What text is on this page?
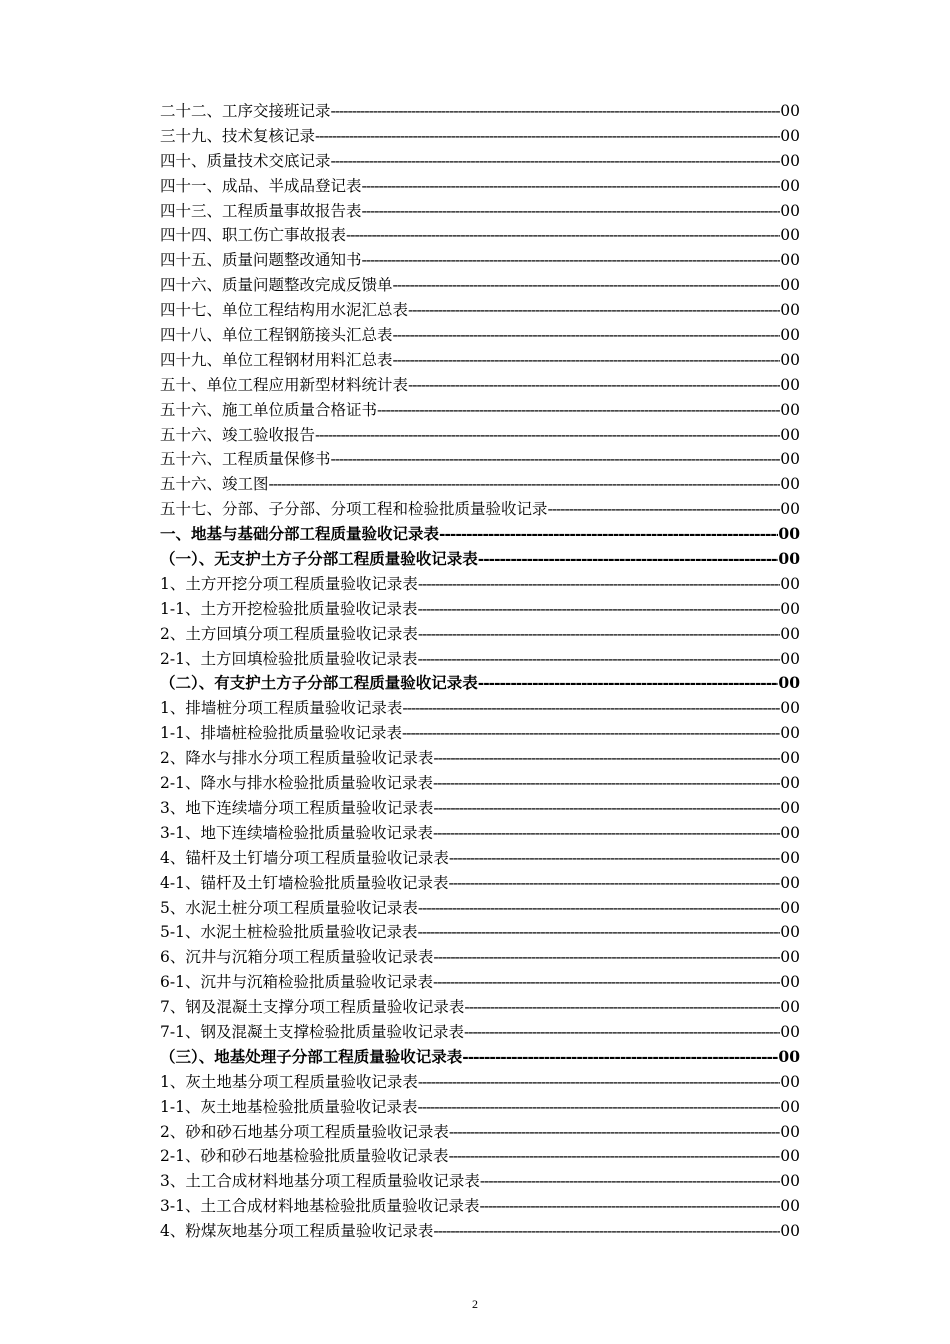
二十二、工序交接班记录 -----	00
三十九、技术复核记录 -----	00
四十、质量技术交底记录 -----	00
四十一、成品、半成品登记表 -----	00
四十三、工程质量事故报告表 -----	00
四十四、职工伤亡事故报表 -----	00
四十五、质量问题整改通知书 -----	00
四十六、质量问题整改完成反馈单 -----	00
四十七、单位工程结构用水泥汇总表 -----	00
四十八、单位工程钢筋接头汇总表 -----	00
四十九、单位工程钢材用料汇总表 -----	00
五十、单位工程应用新型材料统计表 -----	00
五十六、施工单位质量合格证书 -----	00
五十六、竣工验收报告 -----	00
五十六、工程质量保修书 -----	00
五十六、竣工图 -----	00
五十七、分部、子分部、分项工程和检验批质量验收记录 -----	00
一、地基与基础分部工程质量验收记录表 -----	00
（一）、无支护土方子分部工程质量验收记录表 -----	00
1、土方开挖分项工程质量验收记录表 -----	00
1-1、土方开挖检验批质量验收记录表 -----	00
2、土方回填分项工程质量验收记录表 -----	00
2-1、土方回填检验批质量验收记录表 -----	00
（二）、有支护土方子分部工程质量验收记录表 -----	00
1、排墙桩分项工程质量验收记录表 -----	00
1-1、排墙桩检验批质量验收记录表 -----	00
2、降水与排水分项工程质量验收记录表 -----	00
2-1、降水与排水检验批质量验收记录表 -----	00
3、地下连续墙分项工程质量验收记录表 -----	00
3-1、地下连续墙检验批质量验收记录表 -----	00
4、锚杆及土钉墙分项工程质量验收记录表 -----	00
4-1、锚杆及土钉墙检验批质量验收记录表 -----	00
5、水泥土桩分项工程质量验收记录表 -----	00
5-1、水泥土桩检验批质量验收记录表 -----	00
6、沉井与沉箱分项工程质量验收记录表 -----	00
6-1、沉井与沉箱检验批质量验收记录表 -----	00
7、钢及混凝土支撑分项工程质量验收记录表 -----	00
7-1、钢及混凝土支撑检验批质量验收记录表 -----	00
（三）、地基处理子分部工程质量验收记录表 -----	00
1、灰土地基分项工程质量验收记录表 -----	00
1-1、灰土地基检验批质量验收记录表 -----	00
2、砂和砂石地基分项工程质量验收记录表 -----	00
2-1、砂和砂石地基检验批质量验收记录表 -----	00
3、土工合成材料地基分项工程质量验收记录表 -----	00
3-1、土工合成材料地基检验批质量验收记录表 -----	00
4、粉煤灰地基分项工程质量验收记录表 -----	00
2
